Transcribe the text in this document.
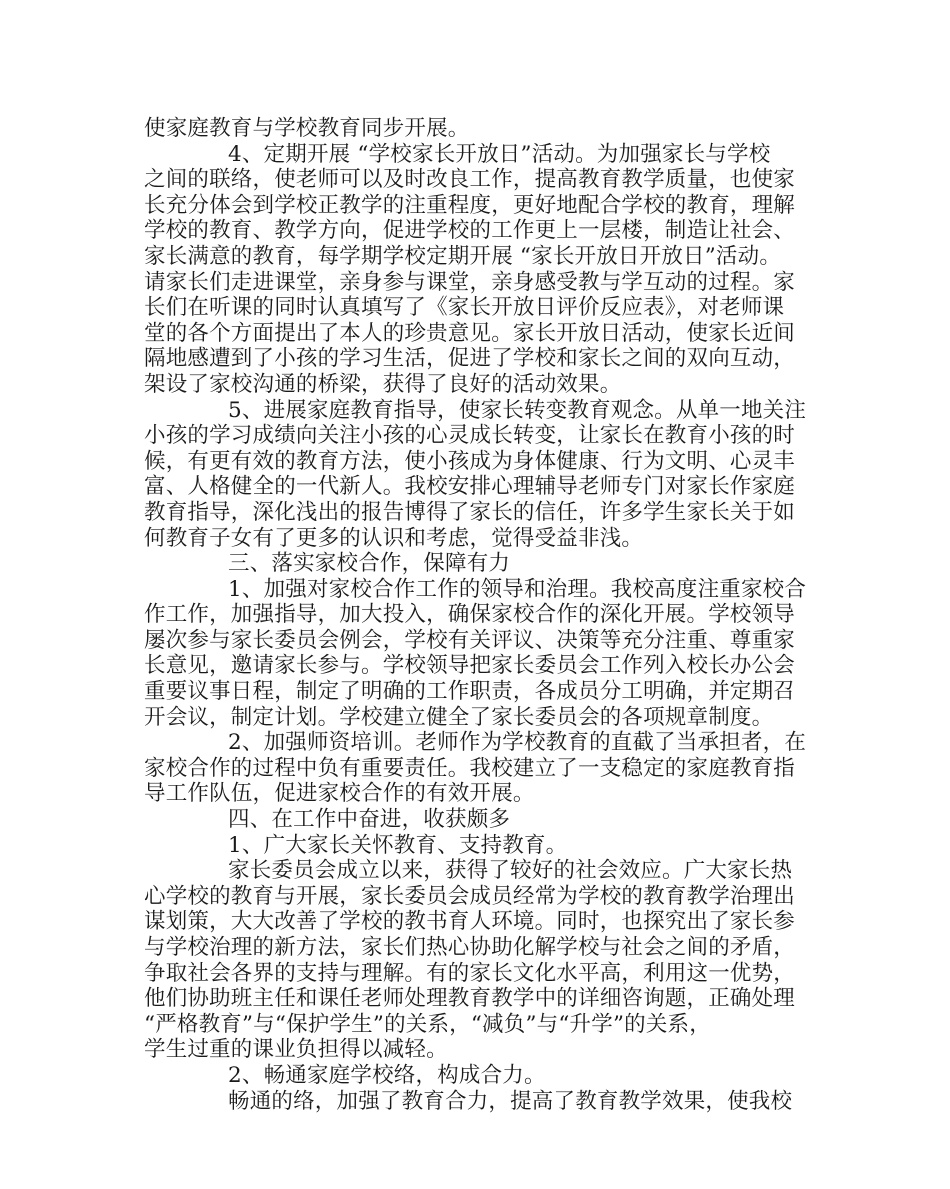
使家庭教育与学校教育同步开展。
4、定期开展 “学校家长开放日”活动。为加强家长与学校
之间的联络，使老师可以及时改良工作，提高教育教学质量，也使家
长充分体会到学校正教学的注重程度，更好地配合学校的教育，理解
学校的教育、教学方向，促进学校的工作更上一层楼，制造让社会、
家长满意的教育，每学期学校定期开展 “家长开放日开放日”活动。
请家长们走进课堂，亲身参与课堂，亲身感受教与学互动的过程。家
长们在听课的同时认真填写了《家长开放日评价反应表》，对老师课
堂的各个方面提出了本人的珍贵意见。家长开放日活动，使家长近间
隔地感遭到了小孩的学习生活，促进了学校和家长之间的双向互动，
架设了家校沟通的桥梁，获得了良好的活动效果。
5、进展家庭教育指导，使家长转变教育观念。从单一地关注
小孩的学习成绩向关注小孩的心灵成长转变，让家长在教育小孩的时
候，有更有效的教育方法，使小孩成为身体健康、行为文明、心灵丰
富、人格健全的一代新人。我校安排心理辅导老师专门对家长作家庭
教育指导，深化浅出的报告博得了家长的信任，许多学生家长关于如
何教育子女有了更多的认识和考虑，觉得受益非浅。
三、落实家校合作，保障有力
1、加强对家校合作工作的领导和治理。我校高度注重家校合
作工作，加强指导，加大投入，确保家校合作的深化开展。学校领导
屡次参与家长委员会例会，学校有关评议、决策等充分注重、尊重家
长意见，邀请家长参与。学校领导把家长委员会工作列入校长办公会
重要议事日程，制定了明确的工作职责，各成员分工明确，并定期召
开会议，制定计划。学校建立健全了家长委员会的各项规章制度。
2、加强师资培训。老师作为学校教育的直截了当承担者，在
家校合作的过程中负有重要责任。我校建立了一支稳定的家庭教育指
导工作队伍，促进家校合作的有效开展。
四、在工作中奋进，收获颇多
1、广大家长关怀教育、支持教育。
家长委员会成立以来，获得了较好的社会效应。广大家长热
心学校的教育与开展，家长委员会成员经常为学校的教育教学治理出
谋划策，大大改善了学校的教书育人环境。同时，也探究出了家长参
与学校治理的新方法，家长们热心协助化解学校与社会之间的矛盾，
争取社会各界的支持与理解。有的家长文化水平高，利用这一优势，
他们协助班主任和课任老师处理教育教学中的详细咨询题，正确处理
“严格教育”与“保护学生”的关系，“减负”与“升学”的关系，
学生过重的课业负担得以减轻。
2、畅通家庭学校络，构成合力。
畅通的络，加强了教育合力，提高了教育教学效果，使我校
